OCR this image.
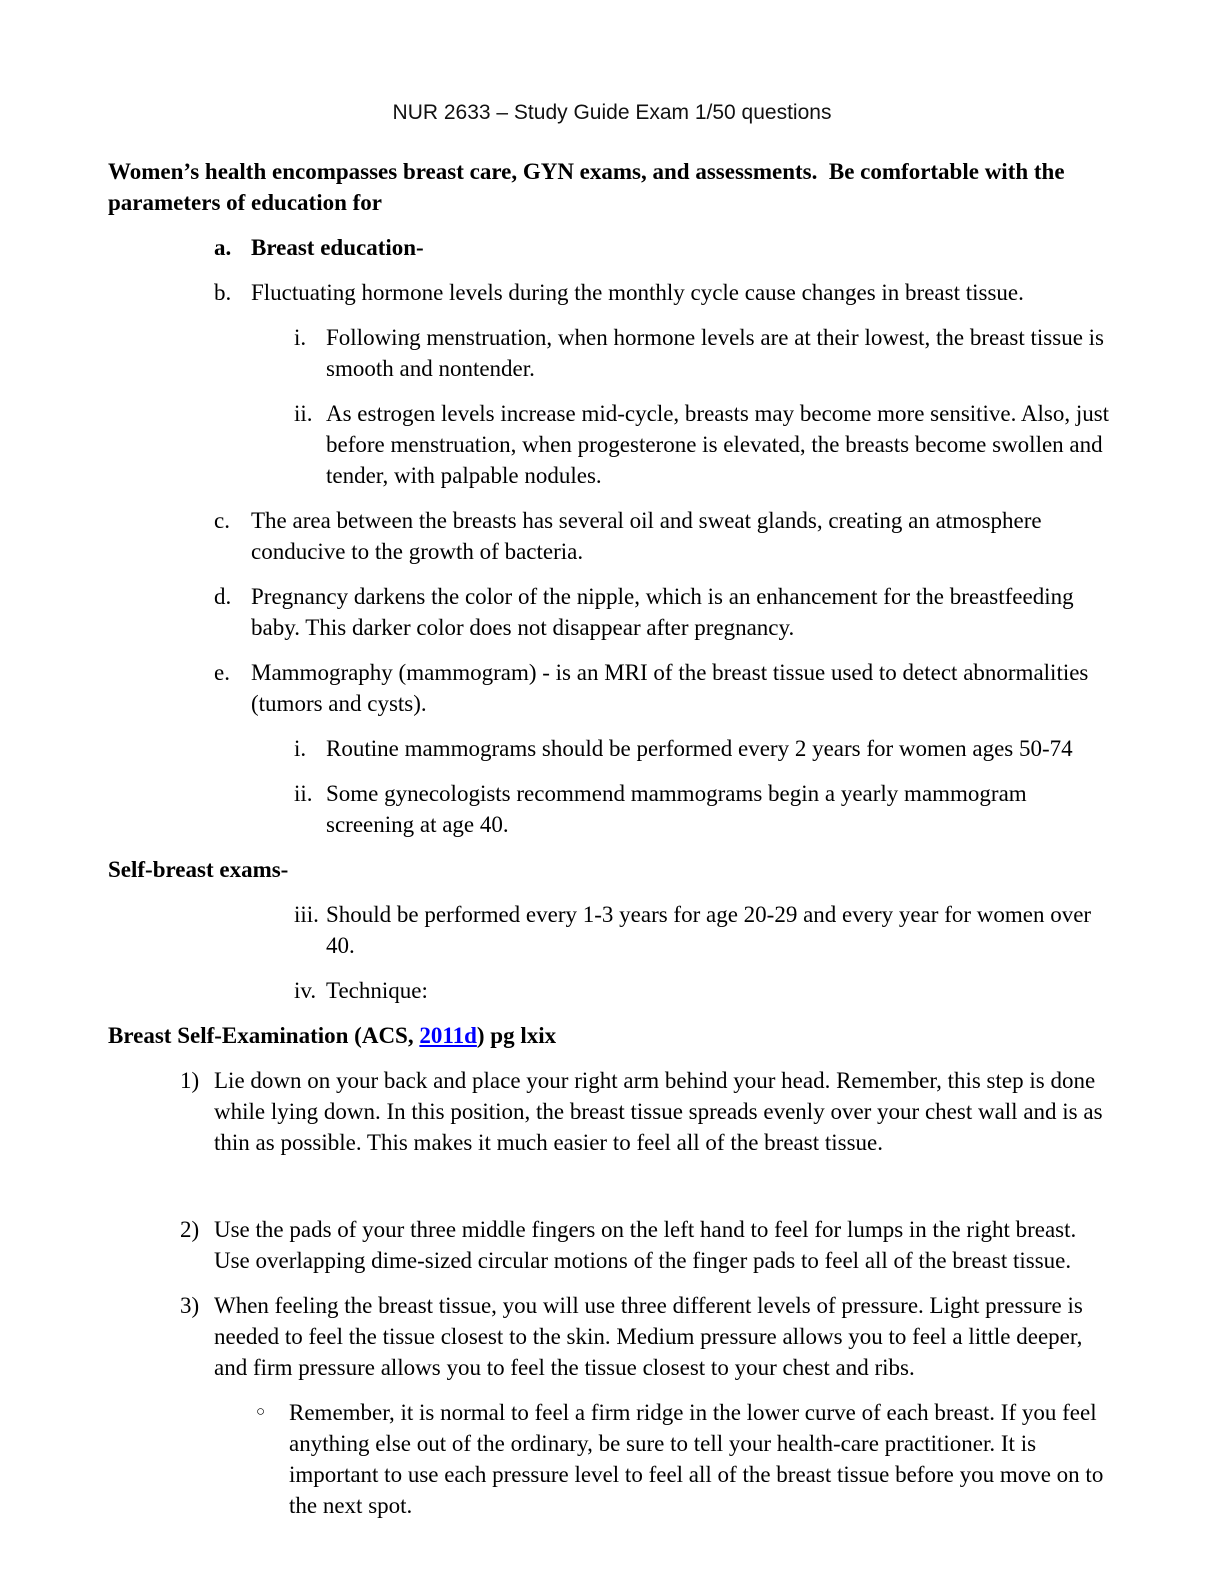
NUR 2633 – Study Guide Exam 1/50 questions
Women’s health encompasses breast care, GYN exams, and assessments.  Be comfortable with the parameters of education for
a. Breast education-
b. Fluctuating hormone levels during the monthly cycle cause changes in breast tissue.
i. Following menstruation, when hormone levels are at their lowest, the breast tissue is smooth and nontender.
ii. As estrogen levels increase mid-cycle, breasts may become more sensitive. Also, just before menstruation, when progesterone is elevated, the breasts become swollen and tender, with palpable nodules.
c. The area between the breasts has several oil and sweat glands, creating an atmosphere conducive to the growth of bacteria.
d. Pregnancy darkens the color of the nipple, which is an enhancement for the breastfeeding baby. This darker color does not disappear after pregnancy.
e. Mammography (mammogram) - is an MRI of the breast tissue used to detect abnormalities (tumors and cysts).
i. Routine mammograms should be performed every 2 years for women ages 50-74
ii. Some gynecologists recommend mammograms begin a yearly mammogram screening at age 40.
Self-breast exams-
iii. Should be performed every 1-3 years for age 20-29 and every year for women over 40.
iv. Technique:
Breast Self-Examination (ACS, 2011d) pg lxix
1) Lie down on your back and place your right arm behind your head. Remember, this step is done while lying down. In this position, the breast tissue spreads evenly over your chest wall and is as thin as possible. This makes it much easier to feel all of the breast tissue.
2) Use the pads of your three middle fingers on the left hand to feel for lumps in the right breast. Use overlapping dime-sized circular motions of the finger pads to feel all of the breast tissue.
3) When feeling the breast tissue, you will use three different levels of pressure. Light pressure is needed to feel the tissue closest to the skin. Medium pressure allows you to feel a little deeper, and firm pressure allows you to feel the tissue closest to your chest and ribs.
○	Remember, it is normal to feel a firm ridge in the lower curve of each breast. If you feel anything else out of the ordinary, be sure to tell your health-care practitioner. It is important to use each pressure level to feel all of the breast tissue before you move on to the next spot.
